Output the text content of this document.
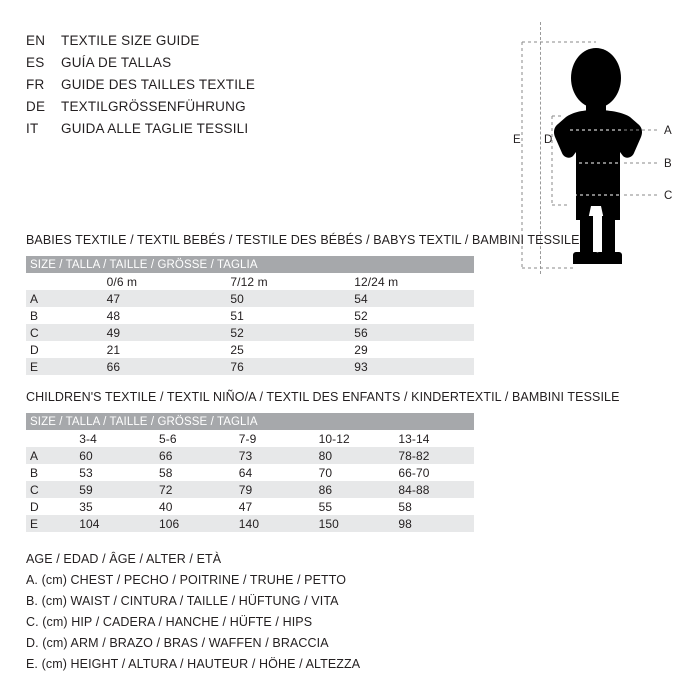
EN	TEXTILE SIZE GUIDE
ES	GUÍA DE TALLAS
FR	GUIDE DES TAILLES TEXTILE
DE	TEXTILGRÖSSENFÜHRUNG
IT	GUIDA ALLE TAGLIE TESSILI	A
B
C
D
E
BABIES TEXTILE / TEXTIL BEBÉS / TESTILE DES BÉBÉS / BABYS TEXTIL / BAMBINI TESSILE
SIZE / TALLA / TAILLE / GRÖSSE / TAGLIA			
	0/6 m	7/12 m	12/24 m
A	47	50	54
B	48	51	52
C	49	52	56
D	21	25	29
E	66	76	93
CHILDREN'S TEXTILE / TEXTIL NIÑO/A / TEXTIL DES ENFANTS / KINDERTEXTIL / BAMBINI TESSILE
SIZE / TALLA / TAILLE / GRÖSSE / TAGLIA					
	3-4	5-6	7-9	10-12	13-14
A	60	66	73	80	78-82
B	53	58	64	70	66-70
C	59	72	79	86	84-88
D	35	40	47	55	58
E	104	106	140	150	98
AGE / EDAD / ÂGE / ALTER / ETÀ
A. (cm) CHEST / PECHO / POITRINE / TRUHE / PETTO
B. (cm) WAIST / CINTURA / TAILLE / HÜFTUNG / VITA
C. (cm) HIP / CADERA / HANCHE / HÜFTE / HIPS
D. (cm) ARM / BRAZO / BRAS / WAFFEN / BRACCIA
E. (cm) HEIGHT / ALTURA / HAUTEUR / HÖHE / ALTEZZA
